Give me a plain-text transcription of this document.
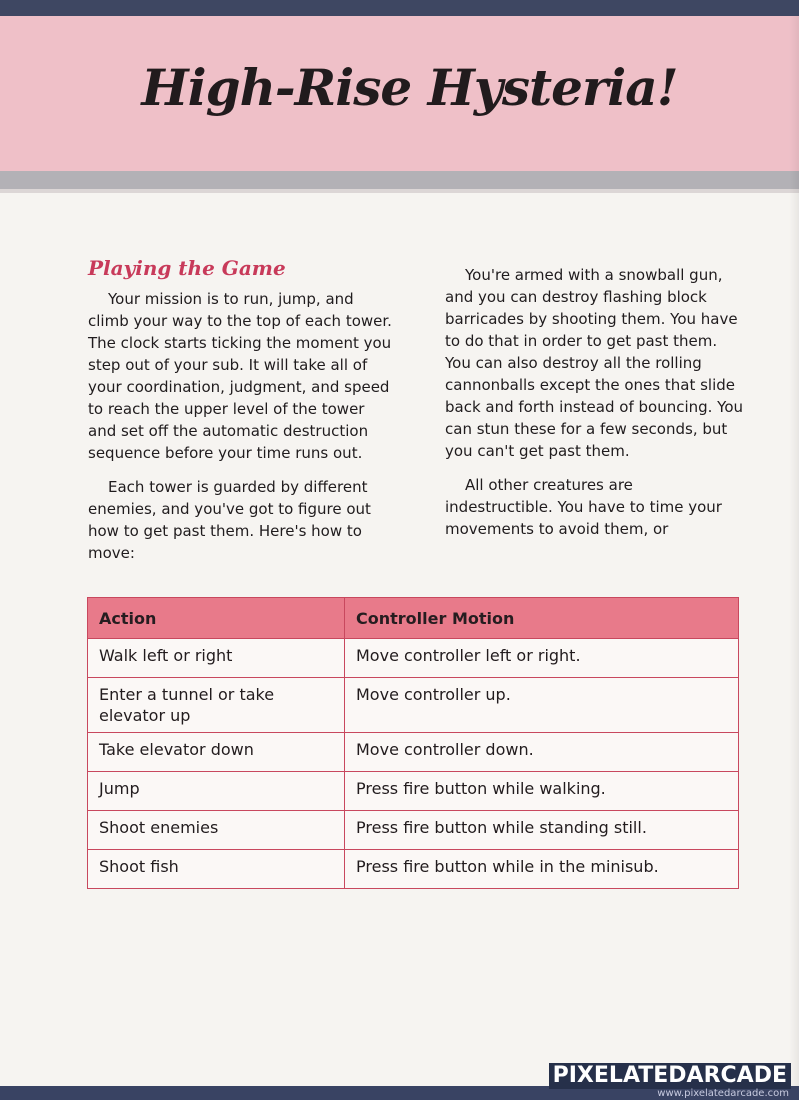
High-Rise Hysteria!
Playing the Game

Your mission is to run, jump, and climb your way to the top of each tower. The clock starts ticking the moment you step out of your sub. It will take all of your coordination, judgment, and speed to reach the upper level of the tower and set off the automatic destruction sequence before your time runs out.

Each tower is guarded by different enemies, and you've got to figure out how to get past them. Here's how to move:

You're armed with a snowball gun, and you can destroy flashing block barricades by shooting them. You have to do that in order to get past them. You can also destroy all the rolling cannonballs except the ones that slide back and forth instead of bouncing. You can stun these for a few seconds, but you can't get past them.

All other creatures are indestructible. You have to time your movements to avoid them, or

Action	Controller Motion
Walk left or right	Move controller left or right.
Enter a tunnel or take elevator up	Move controller up.
Take elevator down	Move controller down.
Jump	Press fire button while walking.
Shoot enemies	Press fire button while standing still.
Shoot fish	Press fire button while in the minisub.
PIXELATEDARCADE
www.pixelatedarcade.com
